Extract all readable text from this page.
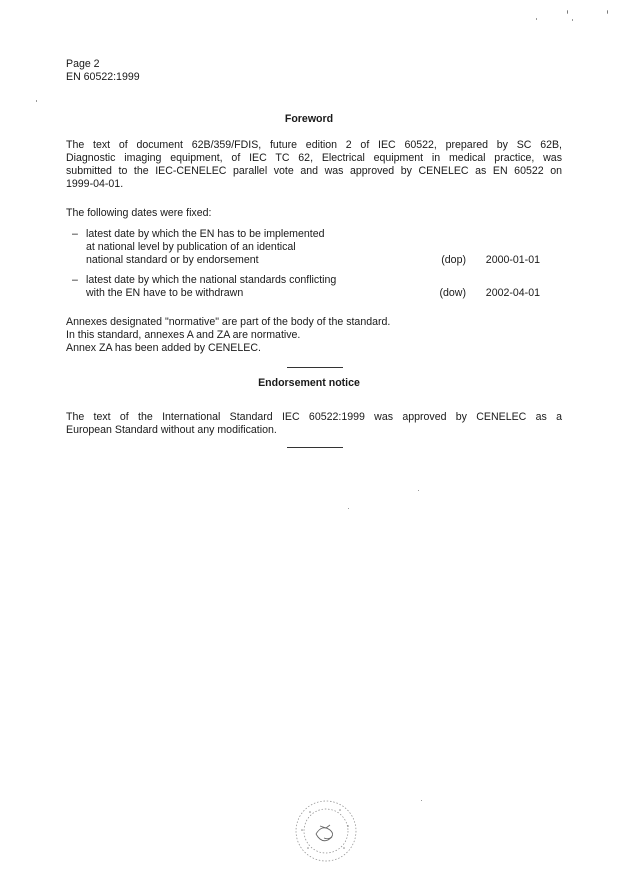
Page 2
EN 60522:1999
Foreword
The text of document 62B/359/FDIS, future edition 2 of IEC 60522, prepared by SC 62B,
Diagnostic imaging equipment, of IEC TC 62, Electrical equipment in medical practice, was
submitted to the IEC-CENELEC parallel vote and was approved by CENELEC as EN 60522 on
1999-04-01.
The following dates were fixed:
– latest date by which the EN has to be implemented
at national level by publication of an identical
national standard or by endorsement	(dop) 2000-01-01
– latest date by which the national standards conflicting
with the EN have to be withdrawn	(dow) 2002-04-01
Annexes designated "normative" are part of the body of the standard.
In this standard, annexes A and ZA are normative.
Annex ZA has been added by CENELEC.
Endorsement notice
The text of the International Standard IEC 60522:1999 was approved by CENELEC as a
European Standard without any modification.
